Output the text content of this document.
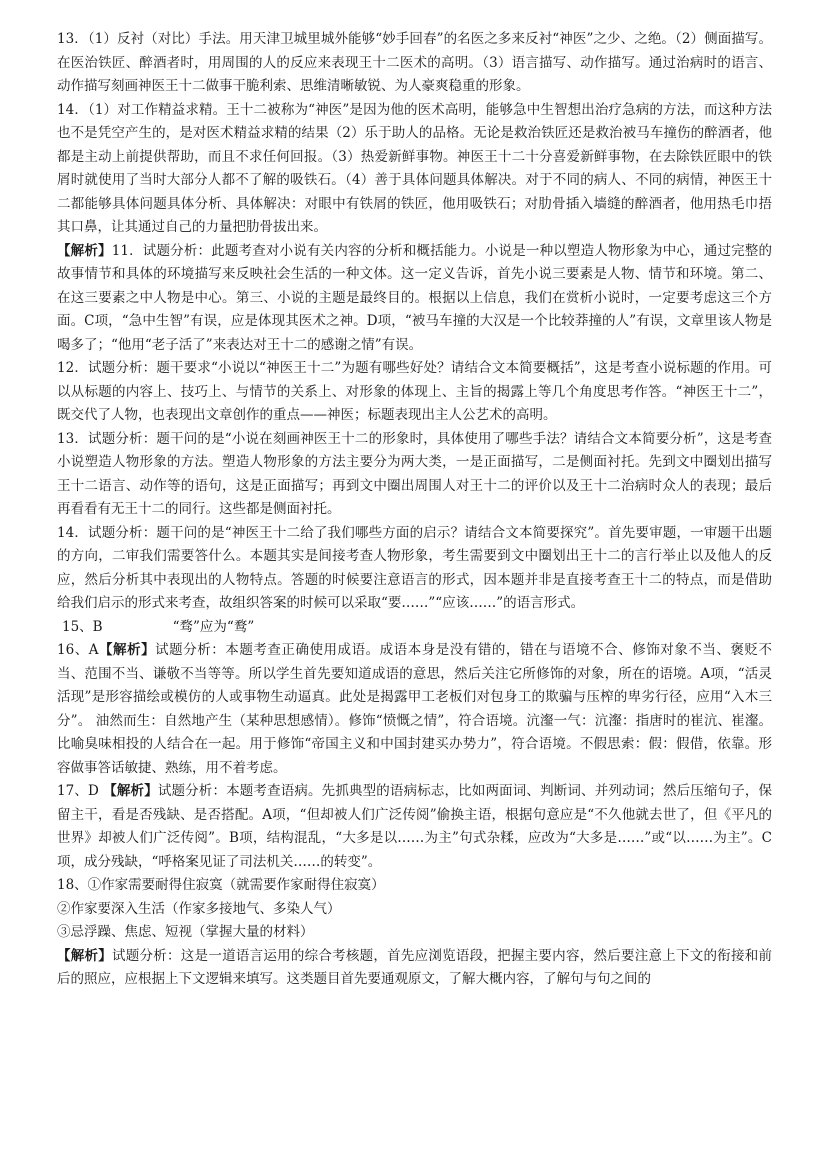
13．（1）反衬（对比）手法。用天津卫城里城外能够“妙手回春”的名医之多来反衬“神医”之少、之绝。（2）侧面描写。在医治铁匠、醉酒者时，用周围的人的反应来表现王十二医术的高明。（3）语言描写、动作描写。通过治病时的语言、动作描写刻画神医王十二做事干脆利索、思维清晰敏锐、为人豪爽稳重的形象。

14．（1）对工作精益求精。王十二被称为“神医”是因为他的医术高明，能够急中生智想出治疗急病的方法，而这种方法也不是凭空产生的，是对医术精益求精的结果（2）乐于助人的品格。无论是救治铁匠还是救治被马车撞伤的醉酒者，他都是主动上前提供帮助，而且不求任何回报。（3）热爱新鲜事物。神医王十二十分喜爱新鲜事物，在去除铁匠眼中的铁屑时就使用了当时大部分人都不了解的吸铁石。（4）善于具体问题具体解决。对于不同的病人、不同的病情，神医王十二都能够具体问题具体分析、具体解决：对眼中有铁屑的铁匠，他用吸铁石；对肋骨插入墙缝的醉酒者，他用热毛巾捂其口鼻，让其通过自己的力量把肋骨拔出来。

【解析】11．试题分析：此题考查对小说有关内容的分析和概括能力。小说是一种以塑造人物形象为中心，通过完整的故事情节和具体的环境描写来反映社会生活的一种文体。这一定义告诉，首先小说三要素是人物、情节和环境。第二、在这三要素之中人物是中心。第三、小说的主题是最终目的。根据以上信息，我们在赏析小说时，一定要考虑这三个方面。C项，“急中生智”有误，应是体现其医术之神。D项，“被马车撞的大汉是一个比较莽撞的人”有误，文章里该人物是喝多了；“他用“老子活了”来表达对王十二的感谢之情”有误。

12．试题分析：题干要求“小说以“神医王十二”为题有哪些好处？请结合文本简要概括”，这是考查小说标题的作用。可以从标题的内容上、技巧上、与情节的关系上、对形象的体现上、主旨的揭露上等几个角度思考作答。“神医王十二”，既交代了人物，也表现出文章创作的重点——神医；标题表现出主人公艺术的高明。

13．试题分析：题干问的是“小说在刻画神医王十二的形象时，具体使用了哪些手法？请结合文本简要分析”，这是考查小说塑造人物形象的方法。塑造人物形象的方法主要分为两大类，一是正面描写，二是侧面衬托。先到文中圈划出描写王十二语言、动作等的语句，这是正面描写；再到文中圈出周围人对王十二的评价以及王十二治病时众人的表现；最后再看看有无王十二的同行。这些都是侧面衬托。

14．试题分析：题干问的是“神医王十二给了我们哪些方面的启示？请结合文本简要探究”。首先要审题，一审题干出题的方向，二审我们需要答什么。本题其实是间接考查人物形象，考生需要到文中圈划出王十二的言行举止以及他人的反应，然后分析其中表现出的人物特点。答题的时候要注意语言的形式，因本题并非是直接考查王十二的特点，而是借助给我们启示的形式来考查，故组织答案的时候可以采取“要……”“应该……”的语言形式。

15、B	“骛”应为“鹜”

16、A【解析】试题分析：本题考查正确使用成语。成语本身是没有错的，错在与语境不合、修饰对象不当、褒贬不当、范围不当、谦敬不当等等。所以学生首先要知道成语的意思，然后关注它所修饰的对象，所在的语境。A项，“活灵活现”是形容描绘或模仿的人或事物生动逼真。此处是揭露甲工老板们对包身工的欺骗与压榨的卑劣行径，应用“入木三分”。 油然而生：自然地产生（某种思想感情）。修饰“愤慨之情”，符合语境。沆瀣一气：沆瀣：指唐时的崔沆、崔瀣。比喻臭味相投的人结合在一起。用于修饰“帝国主义和中国封建买办势力”，符合语境。不假思索：假：假借，依靠。形容做事答话敏捷、熟练，用不着考虑。

17、D 【解析】试题分析：本题考查语病。先抓典型的语病标志，比如两面词、判断词、并列动词；然后压缩句子，保留主干，看是否残缺、是否搭配。A项，“但却被人们广泛传阅”偷换主语，根据句意应是“不久他就去世了，但《平凡的世界》却被人们广泛传阅”。B项，结构混乱，“大多是以……为主”句式杂糅，应改为“大多是……”或“以……为主”。C项，成分残缺，“呼格案见证了司法机关……的转变”。

18、①作家需要耐得住寂寞（就需要作家耐得住寂寞）

②作家要深入生活（作家多接地气、多染人气）

③忌浮躁、焦虑、短视（掌握大量的材料）

【解析】试题分析：这是一道语言运用的综合考核题，首先应浏览语段，把握主要内容，然后要注意上下文的衔接和前后的照应，应根据上下文逻辑来填写。这类题目首先要通观原文，了解大概内容，了解句与句之间的
